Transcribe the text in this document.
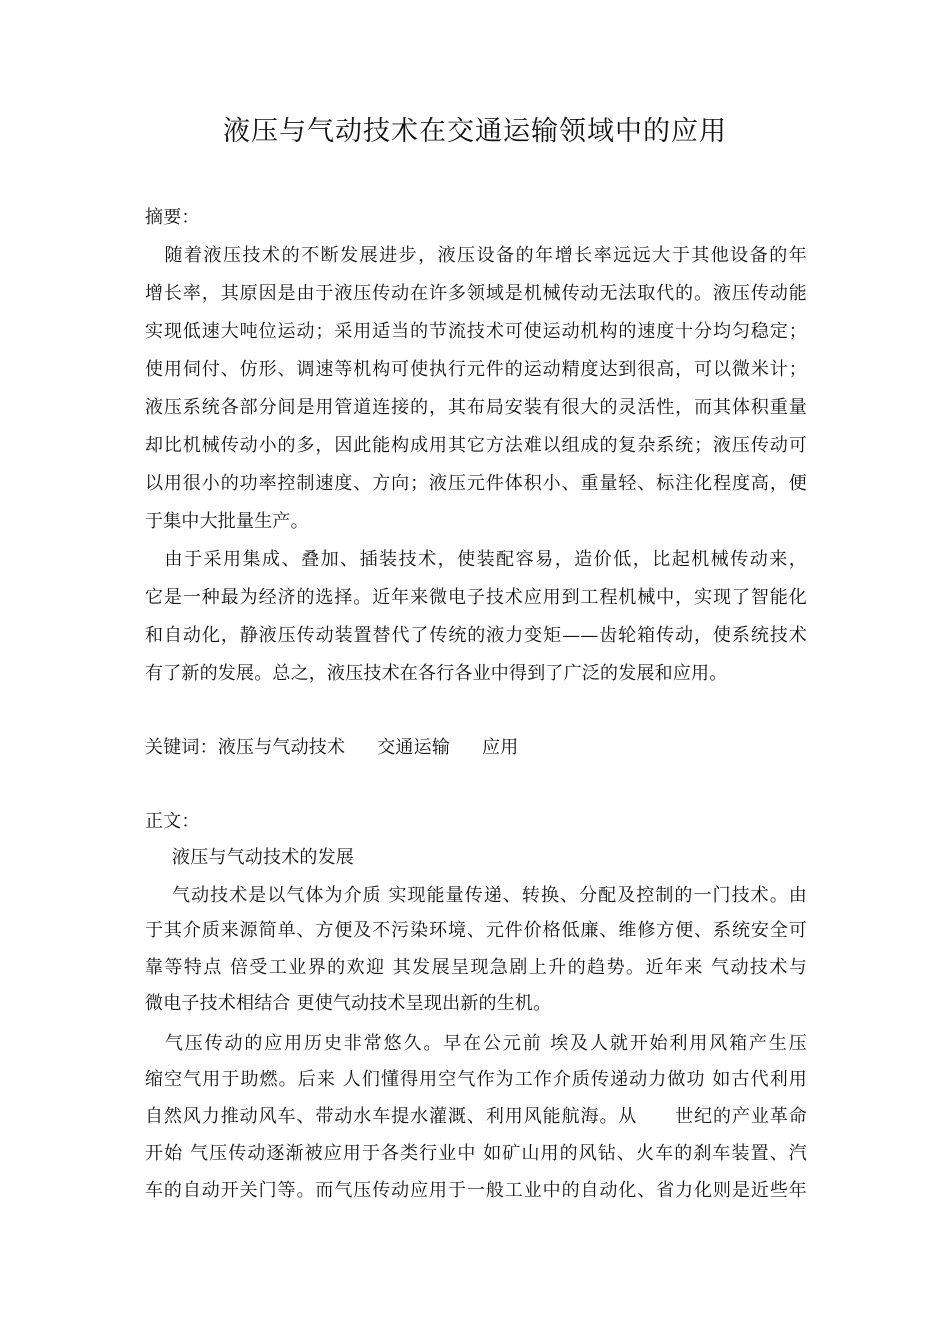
液压与气动技术在交通运输领域中的应用
摘要：
　随着液压技术的不断发展进步，液压设备的年增长率远远大于其他设备的年
增长率，其原因是由于液压传动在许多领域是机械传动无法取代的。液压传动能
实现低速大吨位运动；采用适当的节流技术可使运动机构的速度十分均匀稳定；
使用伺付、仿形、调速等机构可使执行元件的运动精度达到很高，可以微米计；
液压系统各部分间是用管道连接的，其布局安装有很大的灵活性，而其体积重量
却比机械传动小的多，因此能构成用其它方法难以组成的复杂系统；液压传动可
以用很小的功率控制速度、方向；液压元件体积小、重量轻、标注化程度高，便
于集中大批量生产。
　由于采用集成、叠加、插装技术，使装配容易，造价低，比起机械传动来，
它是一种最为经济的选择。近年来微电子技术应用到工程机械中，实现了智能化
和自动化，静液压传动装置替代了传统的液力变矩——齿轮箱传动，使系统技术
有了新的发展。总之，液压技术在各行各业中得到了广泛的发展和应用。
关键词：液压与气动技术 交通运输 应用
正文：
液压与气动技术的发展
气动技术是以气体为介质 实现能量传递、转换、分配及控制的一门技术。由
于其介质来源简单、方便及不污染环境、元件价格低廉、维修方便、系统安全可
靠等特点 倍受工业界的欢迎 其发展呈现急剧上升的趋势。近年来 气动技术与
微电子技术相结合 更使气动技术呈现出新的生机。
　气压传动的应用历史非常悠久。早在公元前 埃及人就开始利用风箱产生压
缩空气用于助燃。后来 人们懂得用空气作为工作介质传递动力做功 如古代利用
自然风力推动风车、带动水车提水灌溉、利用风能航海。从　　世纪的产业革命
开始 气压传动逐渐被应用于各类行业中 如矿山用的风钻、火车的刹车装置、汽
车的自动开关门等。而气压传动应用于一般工业中的自动化、省力化则是近些年
